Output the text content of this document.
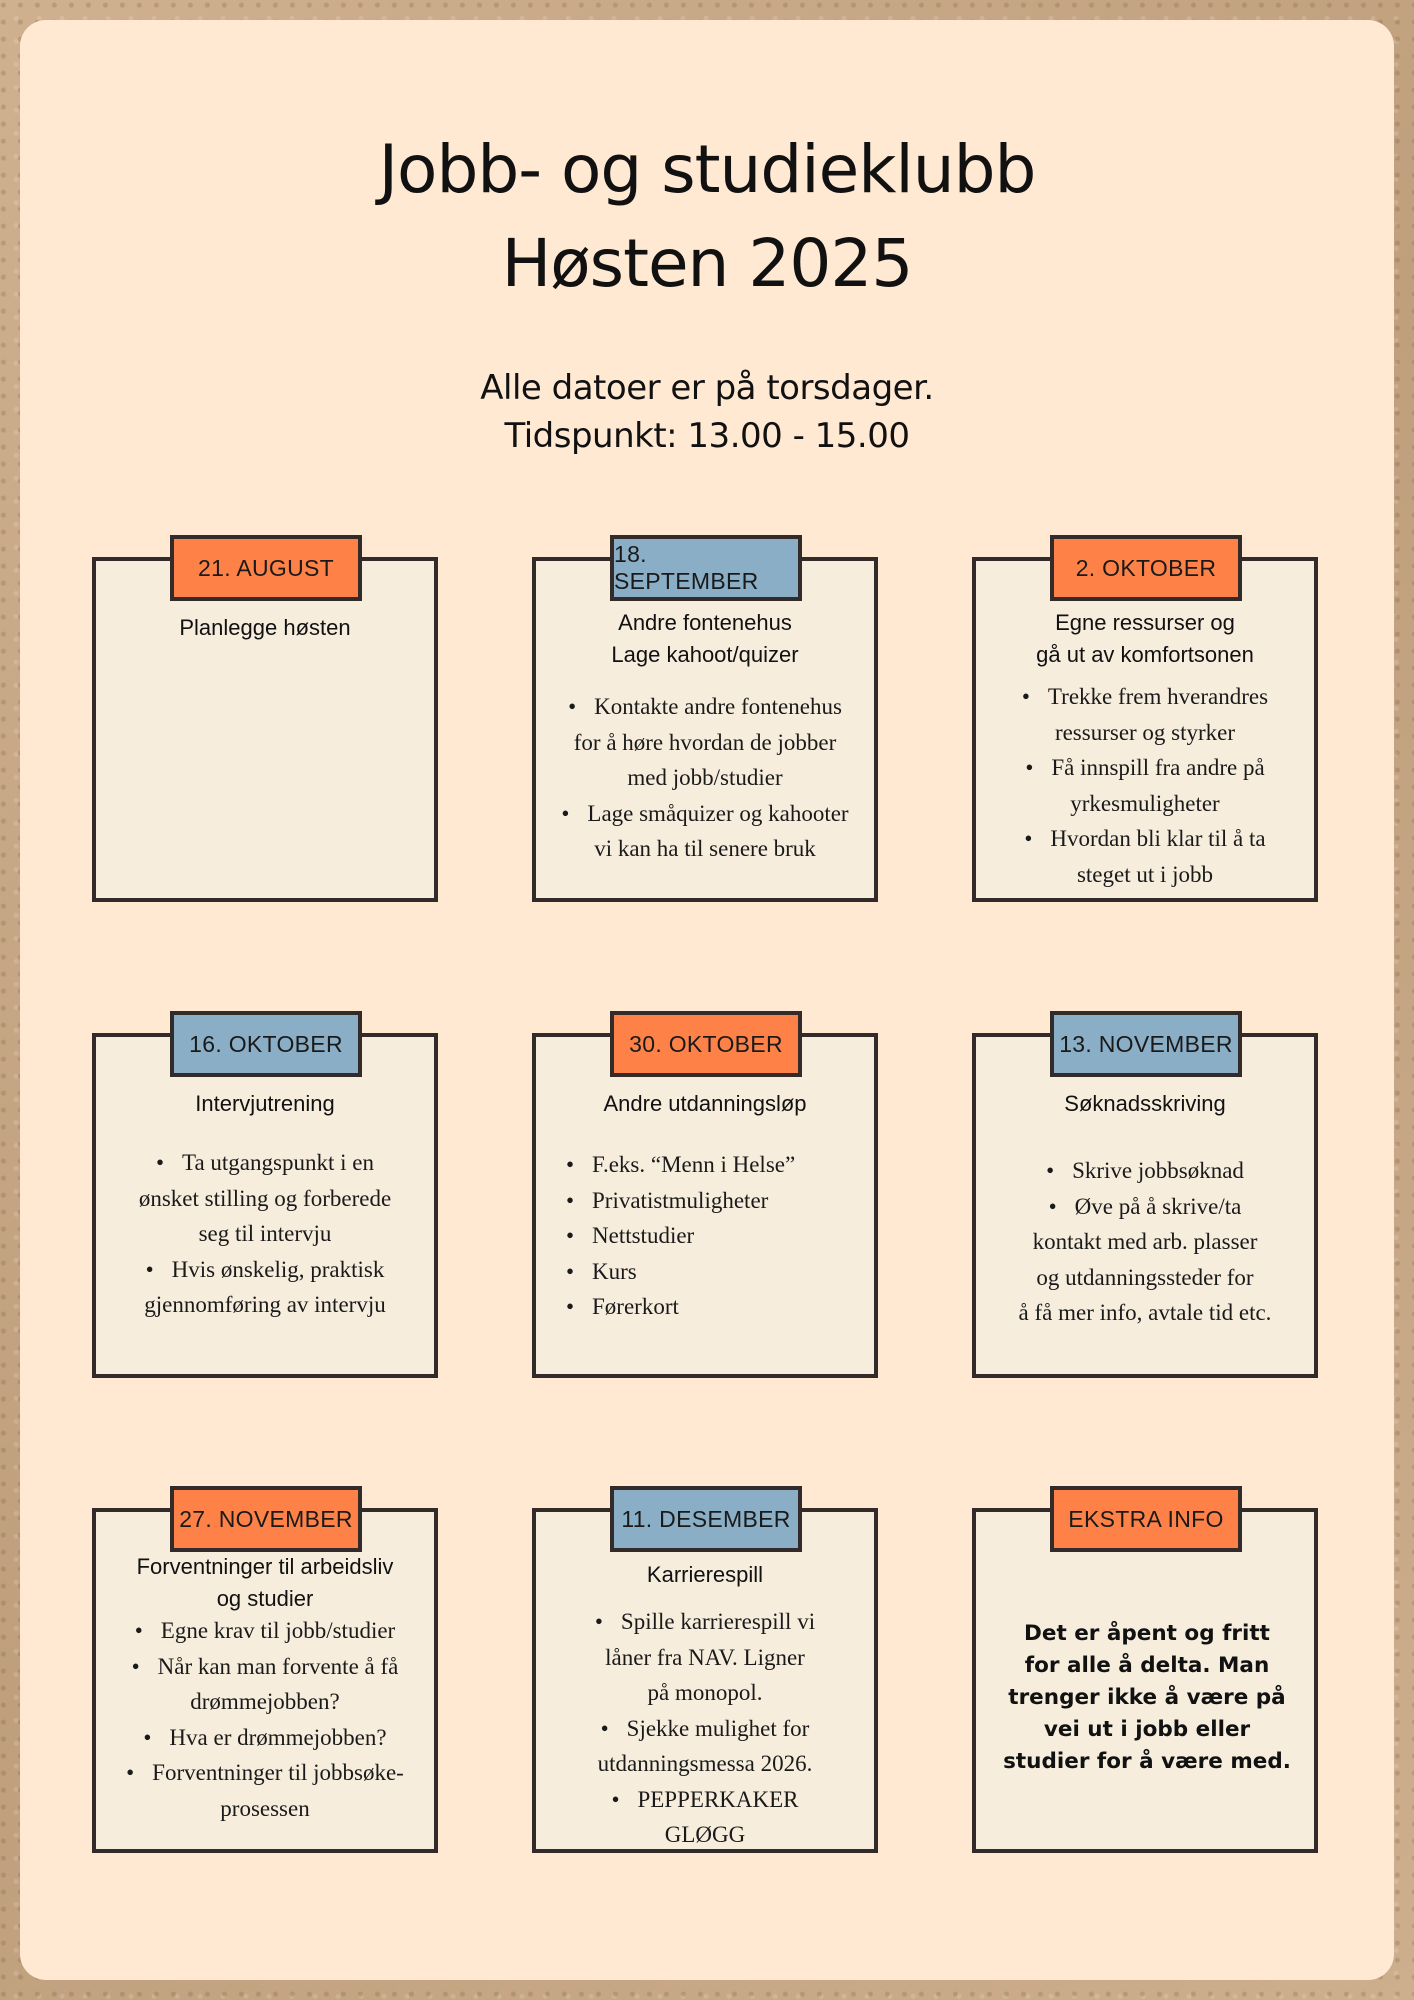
Jobb- og studieklubb
Høsten 2025
Alle datoer er på torsdager.
Tidspunkt: 13.00 - 15.00
21. AUGUST
Planlegge høsten
18. SEPTEMBER
Andre fontenehus
Lage kahoot/quizer
• Kontakte andre fontenehus
for å høre hvordan de jobber
med jobb/studier
• Lage småquizer og kahooter
vi kan ha til senere bruk
2. OKTOBER
Egne ressurser og
gå ut av komfortsonen
• Trekke frem hverandres
ressurser og styrker
• Få innspill fra andre på
yrkesmuligheter
• Hvordan bli klar til å ta
steget ut i jobb
16. OKTOBER
Intervjutrening
• Ta utgangspunkt i en
ønsket stilling og forberede
seg til intervju
• Hvis ønskelig, praktisk
gjennomføring av intervju
30. OKTOBER
Andre utdanningsløp
• F.eks. “Menn i Helse”
• Privatistmuligheter
• Nettstudier
• Kurs
• Førerkort
13. NOVEMBER
Søknadsskriving
• Skrive jobbsøknad
• Øve på å skrive/ta
kontakt med arb. plasser
og utdanningssteder for
å få mer info, avtale tid etc.
27. NOVEMBER
Forventninger til arbeidsliv
og studier
• Egne krav til jobb/studier
• Når kan man forvente å få
drømmejobben?
• Hva er drømmejobben?
• Forventninger til jobbsøke-
prosessen
11. DESEMBER
Karrierespill
• Spille karrierespill vi
låner fra NAV. Ligner
på monopol.
• Sjekke mulighet for
utdanningsmessa 2026.
• PEPPERKAKER
GLØGG
EKSTRA INFO
Det er åpent og fritt
for alle å delta. Man
trenger ikke å være på
vei ut i jobb eller
studier for å være med.
